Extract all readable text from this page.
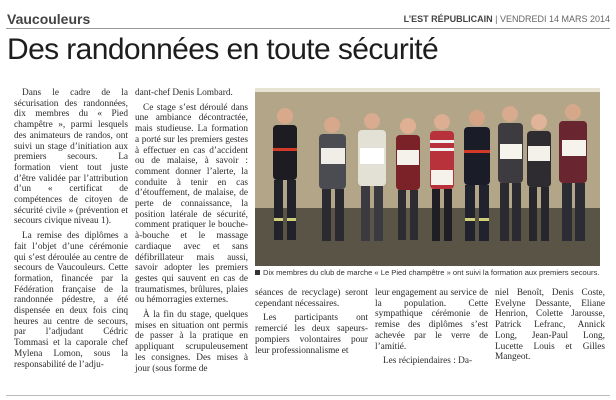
Vaucouleurs	L’EST RÉPUBLICAIN | VENDREDI 14 MARS 2014
Des randonnées en toute sécurité

Dans le cadre de la sécurisation des randonnées, dix membres du « Pied champêtre », parmi lesquels des animateurs de randos, ont suivi un stage d’initiation aux premiers secours. La formation vient tout juste d’être validée par l’attribution d’un « certificat de compétences de citoyen de sécurité civile » (prévention et secours civique niveau 1).

La remise des diplômes a fait l’objet d’une cérémonie qui s’est déroulée au centre de secours de Vaucouleurs. Cette formation, financée par la Fédération française de la randonnée pédestre, a été dispensée en deux fois cinq heures au centre de secours, par l’adjudant Cédric Tommasi et la caporale chef Mylena Lomon, sous la responsabilité de l’adju-

dant-chef Denis Lombard.

Ce stage s’est déroulé dans une ambiance décontractée, mais studieuse. La formation a porté sur les premiers gestes à effectuer en cas d’accident ou de malaise, à savoir : comment donner l’alerte, la conduite à tenir en cas d’étouffement, de malaise, de perte de connaissance, la position latérale de sécurité, comment pratiquer le bouche-à-bouche et le massage cardiaque avec et sans défibrillateur mais aussi, savoir adopter les premiers gestes qui sauvent en cas de traumatismes, brûlures, plaies ou hémorragies externes.

À la fin du stage, quelques mises en situation ont permis de passer à la pratique en appliquant scrupuleusement les consignes. Des mises à jour (sous forme de

Dix membres du club de marche « Le Pied champêtre » ont suivi la formation aux premiers secours.

séances de recyclage) seront cependant nécessaires.

Les participants ont remercié les deux sapeurs-pompiers volontaires pour leur professionnalisme et

leur engagement au service de la population. Cette sympathique cérémonie de remise des diplômes s’est achevée par le verre de l’amitié.

Les récipiendaires : Da-

niel Benoît, Denis Coste, Evelyne Dessante, Eliane Henrion, Colette Jarousse, Patrick Lefranc, Annick Long, Jean-Paul Long, Lucette Louis et Gilles Mangeot.
